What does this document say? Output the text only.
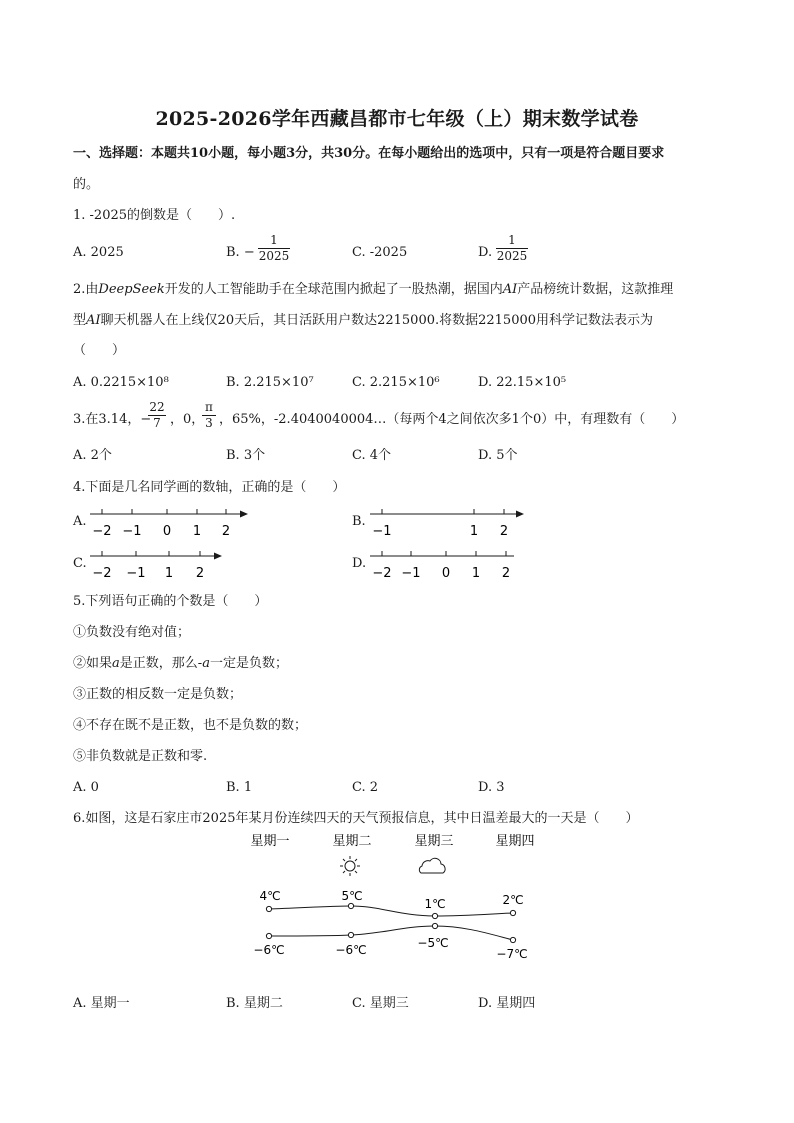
2025-2026学年西藏昌都市七年级（上）期末数学试卷
一、选择题：本题共10小题，每小题3分，共30分。在每小题给出的选项中，只有一项是符合题目要求
的。
1. -2025的倒数是（　　）.
A. 2025	B. −
1
2025	C. -2025	D.
1
2025
2.由DeepSeek开发的人工智能助手在全球范围内掀起了一股热潮，据国内AI产品榜统计数据，这款推理
型AI聊天机器人在上线仅20天后，其日活跃用户数达2215000.将数据2215000用科学记数法表示为
（　　）
A. 0.2215×10⁸	B. 2.215×10⁷	C. 2.215×10⁶	D. 22.15×10⁵
3.在3.14，−
22
7 ，0，
π
3 ，65%，-2.4040040004…（每两个4之间依次多1个0）中，有理数有（　　）
A. 2个	B. 3个	C. 4个	D. 5个
4.下面是几名同学画的数轴，正确的是（　　）
A.	B.
C.	D.
−2 −1 0 1 2	−1	1 2
−2 −1 1 2	−2 −1 0 1 2
5.下列语句正确的个数是（　　）
①负数没有绝对值；
②如果a是正数，那么-a一定是负数；
③正数的相反数一定是负数；
④不存在既不是正数，也不是负数的数；
⑤非负数就是正数和零.
A. 0	B. 1	C. 2	D. 3
6.如图，这是石家庄市2025年某月份连续四天的天气预报信息，其中日温差最大的一天是（　　）
星期一	星期二	星期三	星期四
4℃	5℃
1℃	2℃
−6℃	−6℃	−5℃
−7℃
A. 星期一	B. 星期二	C. 星期三	D. 星期四
